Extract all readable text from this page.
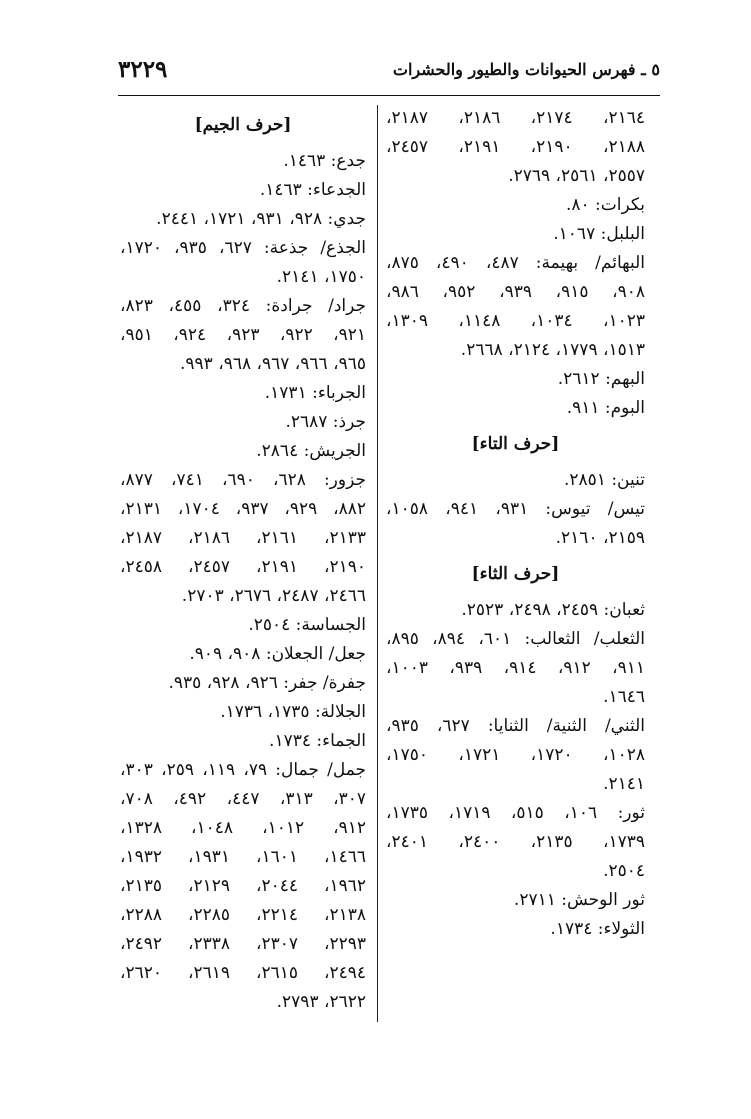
٣٢٢٩	٥ ـ فهرس الحيوانات والطيور والحشرات
٢١٦٤، ٢١٧٤، ٢١٨٦، ٢١٨٧،
٢١٨٨، ٢١٩٠، ٢١٩١، ٢٤٥٧،
٢٥٥٧، ٢٥٦١، ٢٧٦٩.
بكرات: ٨٠.
البلبل: ١٠٦٧.
البهائم/ بهيمة: ٤٨٧، ٤٩٠، ٨٧٥،
٩٠٨، ٩١٥، ٩٣٩، ٩٥٢، ٩٨٦،
١٠٢٣، ١٠٣٤، ١١٤٨، ١٣٠٩،
١٥١٣، ١٧٧٩، ٢١٢٤، ٢٦٦٨.
البهم: ٢٦١٢.
البوم: ٩١١.
[حرف التاء]
تنين: ٢٨٥١.
تيس/ تيوس: ٩٣١، ٩٤١، ١٠٥٨،
٢١٥٩، ٢١٦٠.
[حرف الثاء]
ثعبان: ٢٤٥٩، ٢٤٩٨، ٢٥٢٣.
الثعلب/ الثعالب: ٦٠١، ٨٩٤، ٨٩٥،
٩١١، ٩١٢، ٩١٤، ٩٣٩، ١٠٠٣،
١٦٤٦.
الثني/ الثنية/ الثنايا: ٦٢٧، ٩٣٥،
١٠٢٨، ١٧٢٠، ١٧٢١، ١٧٥٠،
٢١٤١.
ثور: ١٠٦، ٥١٥، ١٧١٩، ١٧٣٥،
١٧٣٩، ٢١٣٥، ٢٤٠٠، ٢٤٠١،
٢٥٠٤.
ثور الوحش: ٢٧١١.
الثولاء: ١٧٣٤.
[حرف الجيم]
جدع: ١٤٦٣.
الجدعاء: ١٤٦٣.
جدي: ٩٢٨، ٩٣١، ١٧٢١، ٢٤٤١.
الجذع/ جذعة: ٦٢٧، ٩٣٥، ١٧٢٠،
١٧٥٠، ٢١٤١.
جراد/ جرادة: ٣٢٤، ٤٥٥، ٨٢٣،
٩٢١، ٩٢٢، ٩٢٣، ٩٢٤، ٩٥١،
٩٦٥، ٩٦٦، ٩٦٧، ٩٦٨، ٩٩٣.
الجرباء: ١٧٣١.
جرذ: ٢٦٨٧.
الجريش: ٢٨٦٤.
جزور: ٦٢٨، ٦٩٠، ٧٤١، ٨٧٧،
٨٨٢، ٩٢٩، ٩٣٧، ١٧٠٤، ٢١٣١،
٢١٣٣، ٢١٦١، ٢١٨٦، ٢١٨٧،
٢١٩٠، ٢١٩١، ٢٤٥٧، ٢٤٥٨،
٢٤٦٦، ٢٤٨٧، ٢٦٧٦، ٢٧٠٣.
الجساسة: ٢٥٠٤.
جعل/ الجعلان: ٩٠٨، ٩٠٩.
جفرة/ جفر: ٩٢٦، ٩٢٨، ٩٣٥.
الجلالة: ١٧٣٥، ١٧٣٦.
الجماء: ١٧٣٤.
جمل/ جمال: ٧٩، ١١٩، ٢٥٩، ٣٠٣،
٣٠٧، ٣١٣، ٤٤٧، ٤٩٢، ٧٠٨،
٩١٢، ١٠١٢، ١٠٤٨، ١٣٢٨،
١٤٦٦، ١٦٠١، ١٩٣١، ١٩٣٢،
١٩٦٢، ٢٠٤٤، ٢١٢٩، ٢١٣٥،
٢١٣٨، ٢٢١٤، ٢٢٨٥، ٢٢٨٨،
٢٢٩٣، ٢٣٠٧، ٢٣٣٨، ٢٤٩٢،
٢٤٩٤، ٢٦١٥، ٢٦١٩، ٢٦٢٠،
٢٦٢٢، ٢٧٩٣.
